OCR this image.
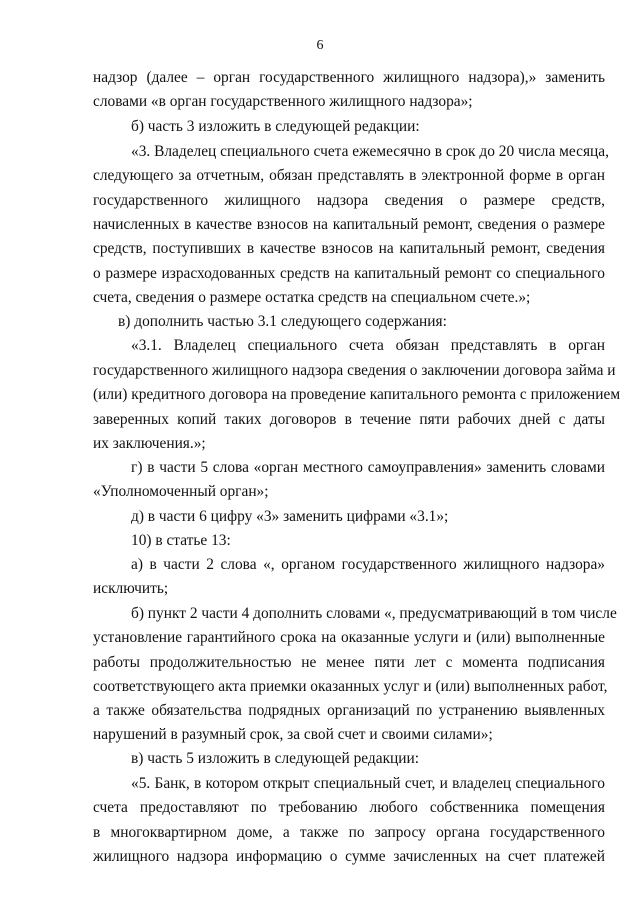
6
надзор (далее – орган государственного жилищного надзора),» заменить
словами «в орган государственного жилищного надзора»;
б) часть 3 изложить в следующей редакции:
«3. Владелец специального счета ежемесячно в срок до 20 числа месяца,
следующего за отчетным, обязан представлять в электронной форме в орган
государственного жилищного надзора сведения о размере средств,
начисленных в качестве взносов на капитальный ремонт, сведения о размере
средств, поступивших в качестве взносов на капитальный ремонт, сведения
о размере израсходованных средств на капитальный ремонт со специального
счета, сведения о размере остатка средств на специальном счете.»;
в) дополнить частью 3.1 следующего содержания:
«3.1. Владелец специального счета обязан представлять в орган
государственного жилищного надзора сведения о заключении договора займа и
(или) кредитного договора на проведение капитального ремонта с приложением
заверенных копий таких договоров в течение пяти рабочих дней с даты
их заключения.»;
г) в части 5 слова «орган местного самоуправления» заменить словами
«Уполномоченный орган»;
д) в части 6 цифру «3» заменить цифрами «3.1»;
10) в статье 13:
а) в части 2 слова «, органом государственного жилищного надзора»
исключить;
б) пункт 2 части 4 дополнить словами «, предусматривающий в том числе
установление гарантийного срока на оказанные услуги и (или) выполненные
работы продолжительностью не менее пяти лет с момента подписания
соответствующего акта приемки оказанных услуг и (или) выполненных работ,
а также обязательства подрядных организаций по устранению выявленных
нарушений в разумный срок, за свой счет и своими силами»;
в) часть 5 изложить в следующей редакции:
«5. Банк, в котором открыт специальный счет, и владелец специального
счета предоставляют по требованию любого собственника помещения
в многоквартирном доме, а также по запросу органа государственного
жилищного надзора информацию о сумме зачисленных на счет платежей
